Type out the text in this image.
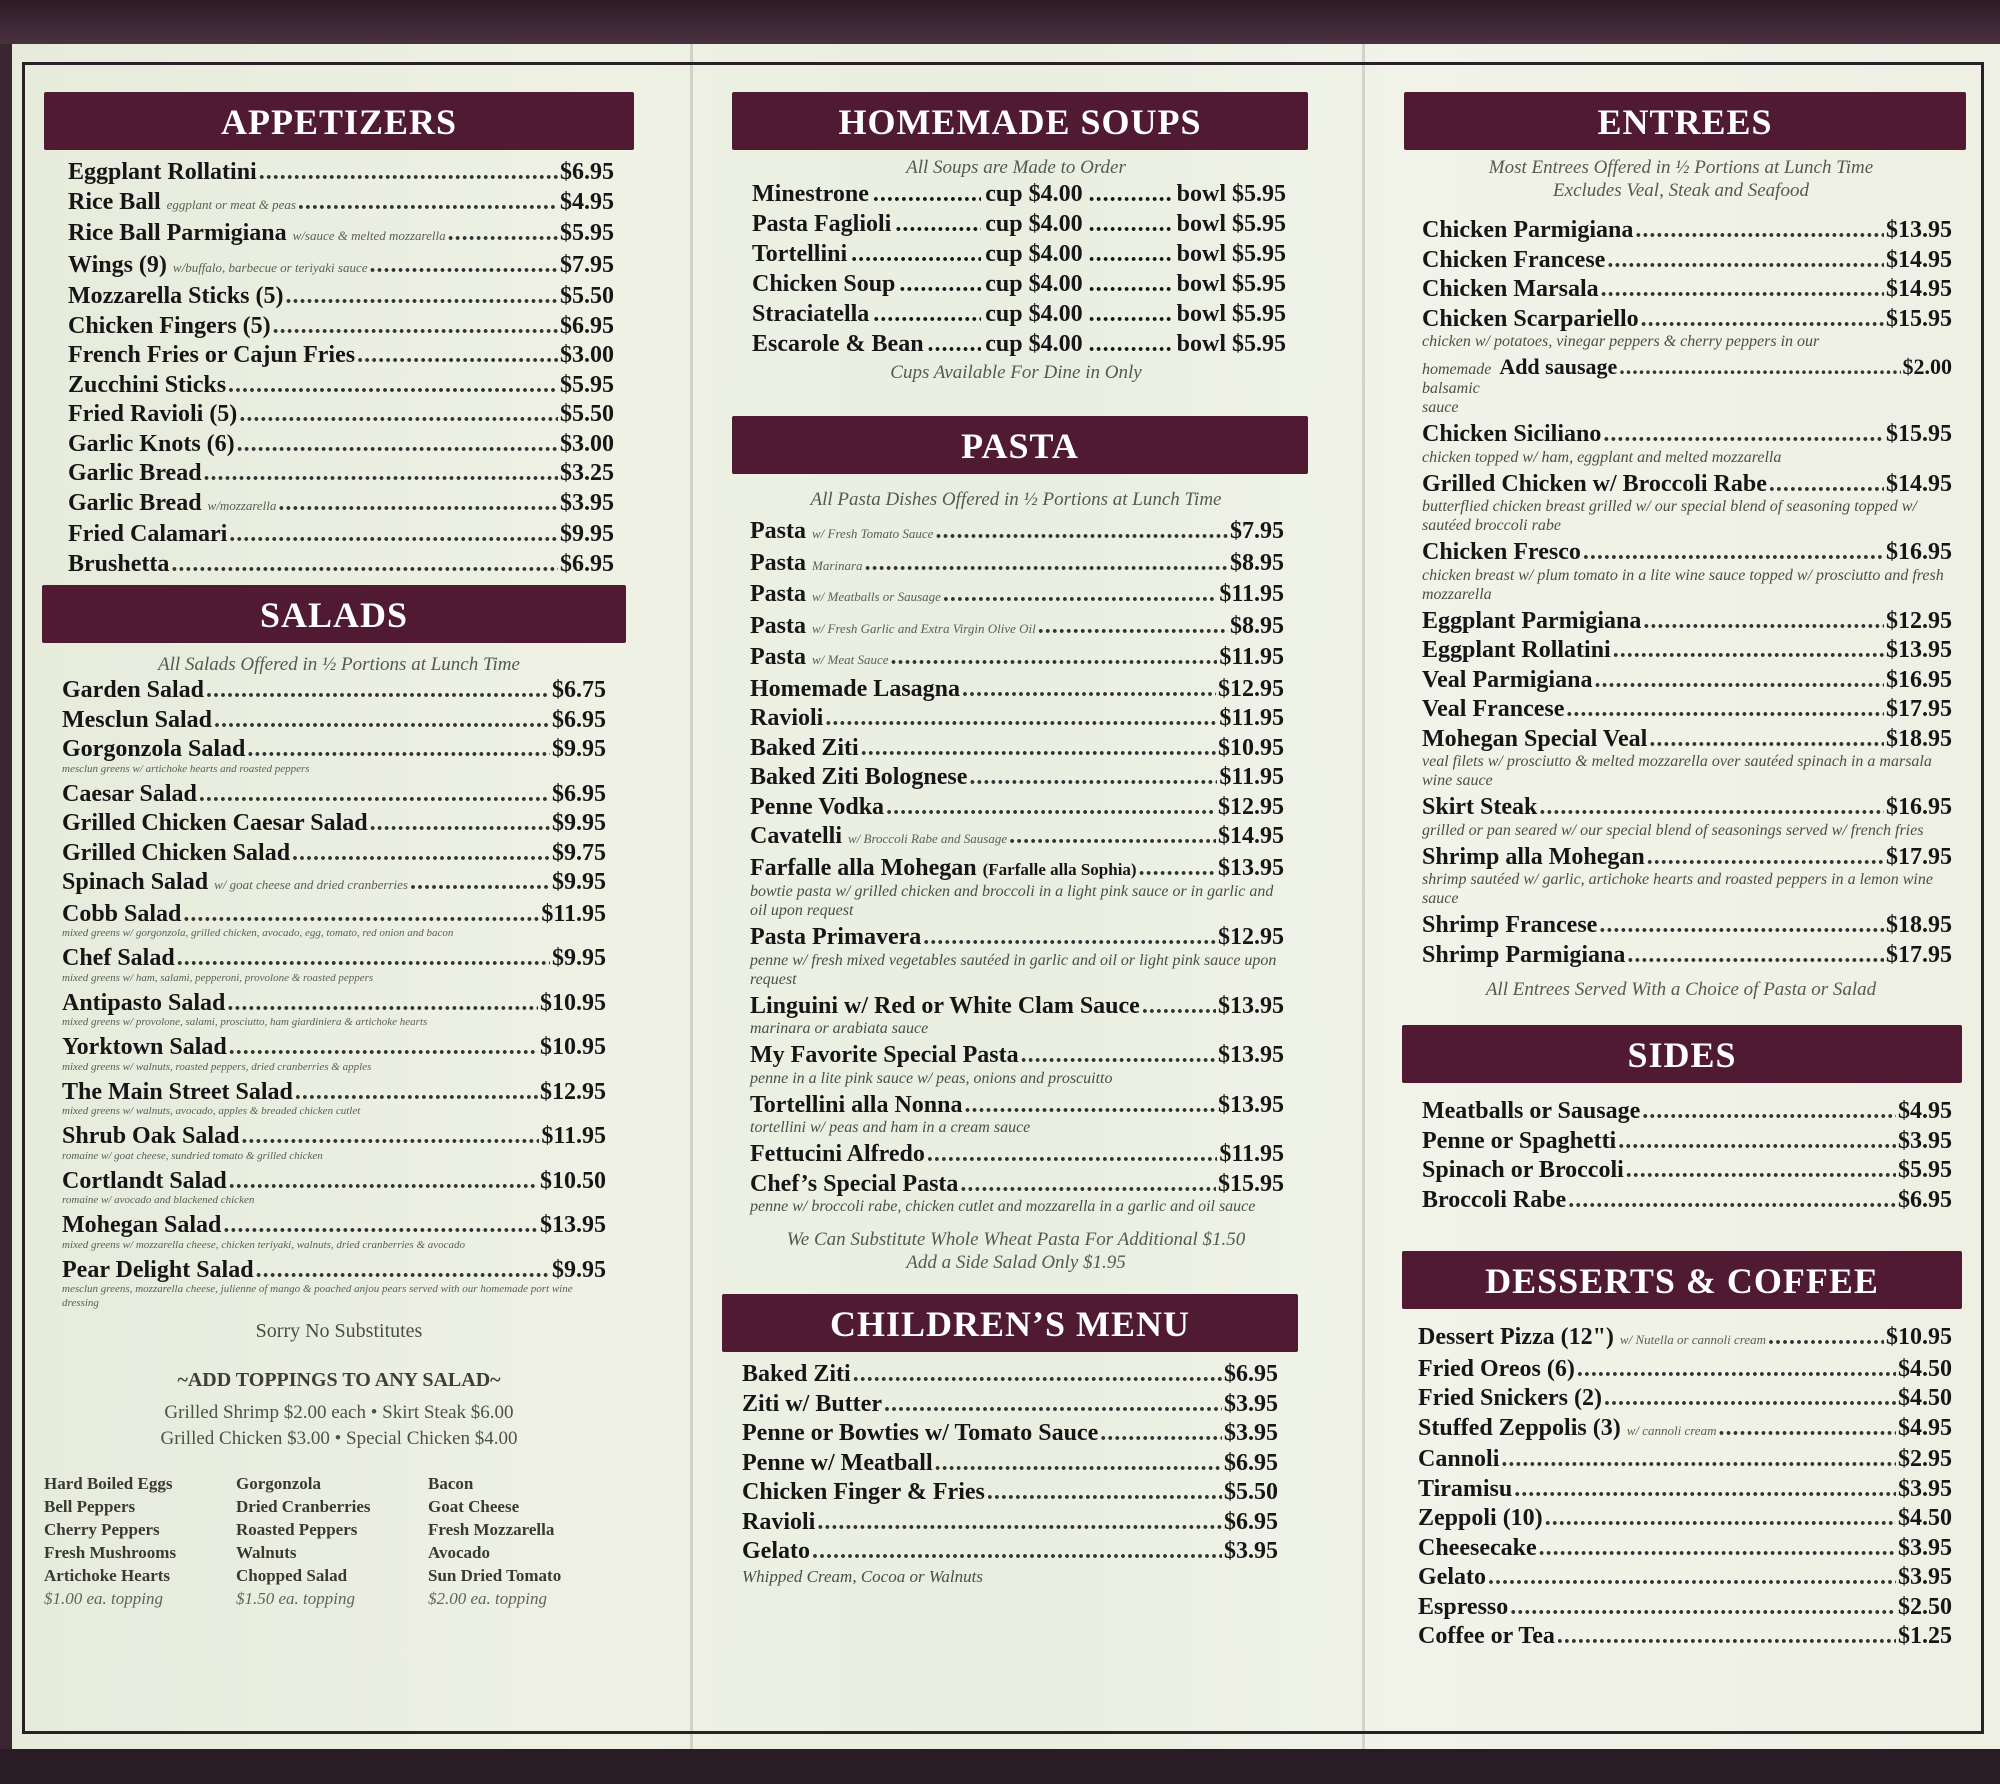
APPETIZERS
Eggplant Rollatini .....	$6.95
Rice Ball eggplant or meat & peas .....	$4.95
Rice Ball Parmigiana w/sauce & melted mozzarella .....	$5.95
Wings (9) w/buffalo, barbecue or teriyaki sauce .....	$7.95
Mozzarella Sticks (5) .....	$5.50
Chicken Fingers (5) .....	$6.95
French Fries or Cajun Fries .....	$3.00
Zucchini Sticks .....	$5.95
Fried Ravioli (5) .....	$5.50
Garlic Knots (6) .....	$3.00
Garlic Bread .....	$3.25
Garlic Bread w/mozzarella .....	$3.95
Fried Calamari .....	$9.95
Brushetta .....	$6.95
SALADS
All Salads Offered in ½ Portions at Lunch Time
Garden Salad .....	$6.75
Mesclun Salad .....	$6.95
Gorgonzola Salad .....	$9.95
mesclun greens w/ artichoke hearts and roasted peppers
Caesar Salad .....	$6.95
Grilled Chicken Caesar Salad .....	$9.95
Grilled Chicken Salad .....	$9.75
Spinach Salad w/ goat cheese and dried cranberries .....	$9.95
Cobb Salad .....	$11.95
mixed greens w/ gorgonzola, grilled chicken, avocado, egg, tomato, red onion and bacon
Chef Salad .....	$9.95
mixed greens w/ ham, salami, pepperoni, provolone & roasted peppers
Antipasto Salad .....	$10.95
mixed greens w/ provolone, salami, prosciutto, ham giardiniera & artichoke hearts
Yorktown Salad .....	$10.95
mixed greens w/ walnuts, roasted peppers, dried cranberries & apples
The Main Street Salad .....	$12.95
mixed greens w/ walnuts, avocado, apples & breaded chicken cutlet
Shrub Oak Salad .....	$11.95
romaine w/ goat cheese, sundried tomato & grilled chicken
Cortlandt Salad .....	$10.50
romaine w/ avocado and blackened chicken
Mohegan Salad .....	$13.95
mixed greens w/ mozzarella cheese, chicken teriyaki, walnuts, dried cranberries & avocado
Pear Delight Salad .....	$9.95
mesclun greens, mozzarella cheese, julienne of mango & poached anjou pears served with our homemade port wine dressing
Sorry No Substitutes
~ADD TOPPINGS TO ANY SALAD~
Grilled Shrimp $2.00 each • Skirt Steak $6.00
Grilled Chicken $3.00 • Special Chicken $4.00
Hard Boiled Eggs	Gorgonzola	Bacon
Bell Peppers	Dried Cranberries	Goat Cheese
Cherry Peppers	Roasted Peppers	Fresh Mozzarella
Fresh Mushrooms	Walnuts	Avocado
Artichoke Hearts	Chopped Salad	Sun Dried Tomato
$1.00 ea. topping	$1.50 ea. topping	$2.00 ea. topping
HOMEMADE SOUPS
All Soups are Made to Order
Minestrone .....	cup $4.00 .....	bowl $5.95
Pasta Faglioli .....	cup $4.00 .....	bowl $5.95
Tortellini .....	cup $4.00 .....	bowl $5.95
Chicken Soup .....	cup $4.00 .....	bowl $5.95
Straciatella .....	cup $4.00 .....	bowl $5.95
Escarole & Bean .....	cup $4.00 .....	bowl $5.95
Cups Available For Dine in Only
PASTA
All Pasta Dishes Offered in ½ Portions at Lunch Time
Pasta w/ Fresh Tomato Sauce .....	$7.95
Pasta Marinara .....	$8.95
Pasta w/ Meatballs or Sausage .....	$11.95
Pasta w/ Fresh Garlic and Extra Virgin Olive Oil .....	$8.95
Pasta w/ Meat Sauce .....	$11.95
Homemade Lasagna .....	$12.95
Ravioli .....	$11.95
Baked Ziti .....	$10.95
Baked Ziti Bolognese .....	$11.95
Penne Vodka .....	$12.95
Cavatelli w/ Broccoli Rabe and Sausage .....	$14.95
Farfalle alla Mohegan (Farfalle alla Sophia) .....	$13.95
bowtie pasta w/ grilled chicken and broccoli in a light pink sauce or in garlic and oil upon request
Pasta Primavera .....	$12.95
penne w/ fresh mixed vegetables sautéed in garlic and oil or light pink sauce upon request
Linguini w/ Red or White Clam Sauce .....	$13.95
marinara or arabiata sauce
My Favorite Special Pasta .....	$13.95
penne in a lite pink sauce w/ peas, onions and proscuitto
Tortellini alla Nonna .....	$13.95
tortellini w/ peas and ham in a cream sauce
Fettucini Alfredo .....	$11.95
Chef’s Special Pasta .....	$15.95
penne w/ broccoli rabe, chicken cutlet and mozzarella in a garlic and oil sauce
We Can Substitute Whole Wheat Pasta For Additional $1.50
Add a Side Salad Only $1.95
CHILDREN’S MENU
Baked Ziti .....	$6.95
Ziti w/ Butter .....	$3.95
Penne or Bowties w/ Tomato Sauce .....	$3.95
Penne w/ Meatball .....	$6.95
Chicken Finger & Fries .....	$5.50
Ravioli .....	$6.95
Gelato .....	$3.95
Whipped Cream, Cocoa or Walnuts
ENTREES
Most Entrees Offered in ½ Portions at Lunch Time
Excludes Veal, Steak and Seafood
Chicken Parmigiana .....	$13.95
Chicken Francese .....	$14.95
Chicken Marsala .....	$14.95
Chicken Scarpariello .....	$15.95
chicken w/ potatoes, vinegar peppers & cherry peppers in our
homemade balsamic sauce
Add sausage .....	$2.00
Chicken Siciliano .....	$15.95
chicken topped w/ ham, eggplant and melted mozzarella
Grilled Chicken w/ Broccoli Rabe .....	$14.95
butterflied chicken breast grilled w/ our special blend of seasoning topped w/ sautéed broccoli rabe
Chicken Fresco .....	$16.95
chicken breast w/ plum tomato in a lite wine sauce topped w/ prosciutto and fresh mozzarella
Eggplant Parmigiana .....	$12.95
Eggplant Rollatini .....	$13.95
Veal Parmigiana .....	$16.95
Veal Francese .....	$17.95
Mohegan Special Veal .....	$18.95
veal filets w/ prosciutto & melted mozzarella over sautéed spinach in a marsala wine sauce
Skirt Steak .....	$16.95
grilled or pan seared w/ our special blend of seasonings served w/ french fries
Shrimp alla Mohegan .....	$17.95
shrimp sautéed w/ garlic, artichoke hearts and roasted peppers in a lemon wine sauce
Shrimp Francese .....	$18.95
Shrimp Parmigiana .....	$17.95
All Entrees Served With a Choice of Pasta or Salad
SIDES
Meatballs or Sausage .....	$4.95
Penne or Spaghetti .....	$3.95
Spinach or Broccoli .....	$5.95
Broccoli Rabe .....	$6.95
DESSERTS & COFFEE
Dessert Pizza (12") w/ Nutella or cannoli cream .....	$10.95
Fried Oreos (6) .....	$4.50
Fried Snickers (2) .....	$4.50
Stuffed Zeppolis (3) w/ cannoli cream .....	$4.95
Cannoli .....	$2.95
Tiramisu .....	$3.95
Zeppoli (10) .....	$4.50
Cheesecake .....	$3.95
Gelato .....	$3.95
Espresso .....	$2.50
Coffee or Tea .....	$1.25
